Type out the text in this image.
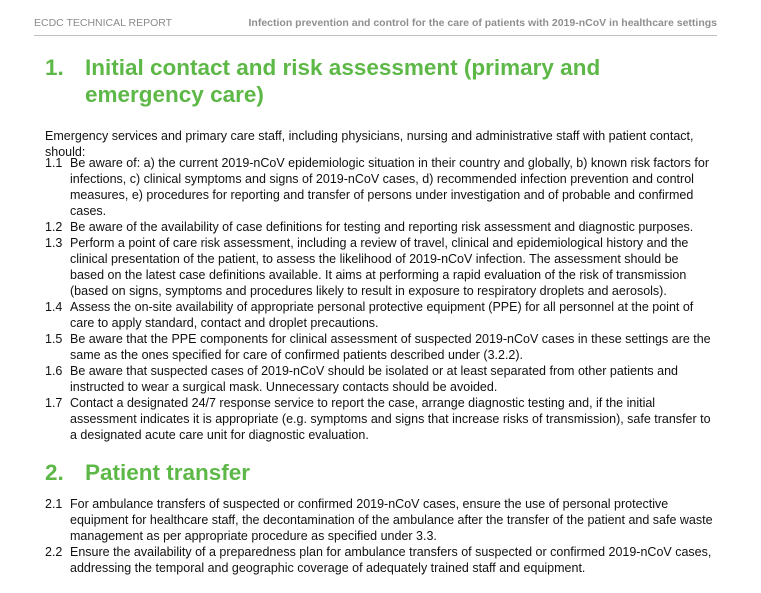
ECDC TECHNICAL REPORT	Infection prevention and control for the care of patients with 2019-nCoV in healthcare settings
1. Initial contact and risk assessment (primary and
emergency care)

Emergency services and primary care staff, including physicians, nursing and administrative staff with patient contact, should:

1.1 Be aware of: a) the current 2019-nCoV epidemiologic situation in their country and globally, b) known risk factors for infections, c) clinical symptoms and signs of 2019-nCoV cases, d) recommended infection prevention and control measures, e) procedures for reporting and transfer of persons under investigation and of probable and confirmed cases.
1.2 Be aware of the availability of case definitions for testing and reporting risk assessment and diagnostic purposes.
1.3 Perform a point of care risk assessment, including a review of travel, clinical and epidemiological history and the clinical presentation of the patient, to assess the likelihood of 2019-nCoV infection. The assessment should be based on the latest case definitions available. It aims at performing a rapid evaluation of the risk of transmission (based on signs, symptoms and procedures likely to result in exposure to respiratory droplets and aerosols).
1.4 Assess the on-site availability of appropriate personal protective equipment (PPE) for all personnel at the point of care to apply standard, contact and droplet precautions.
1.5 Be aware that the PPE components for clinical assessment of suspected 2019-nCoV cases in these settings are the same as the ones specified for care of confirmed patients described under (3.2.2).
1.6 Be aware that suspected cases of 2019-nCoV should be isolated or at least separated from other patients and instructed to wear a surgical mask. Unnecessary contacts should be avoided.
1.7 Contact a designated 24/7 response service to report the case, arrange diagnostic testing and, if the initial assessment indicates it is appropriate (e.g. symptoms and signs that increase risks of transmission), safe transfer to a designated acute care unit for diagnostic evaluation.
2. Patient transfer
2.1 For ambulance transfers of suspected or confirmed 2019-nCoV cases, ensure the use of personal protective equipment for healthcare staff, the decontamination of the ambulance after the transfer of the patient and safe waste management as per appropriate procedure as specified under 3.3.
2.2 Ensure the availability of a preparedness plan for ambulance transfers of suspected or confirmed 2019-nCoV cases, addressing the temporal and geographic coverage of adequately trained staff and equipment.
